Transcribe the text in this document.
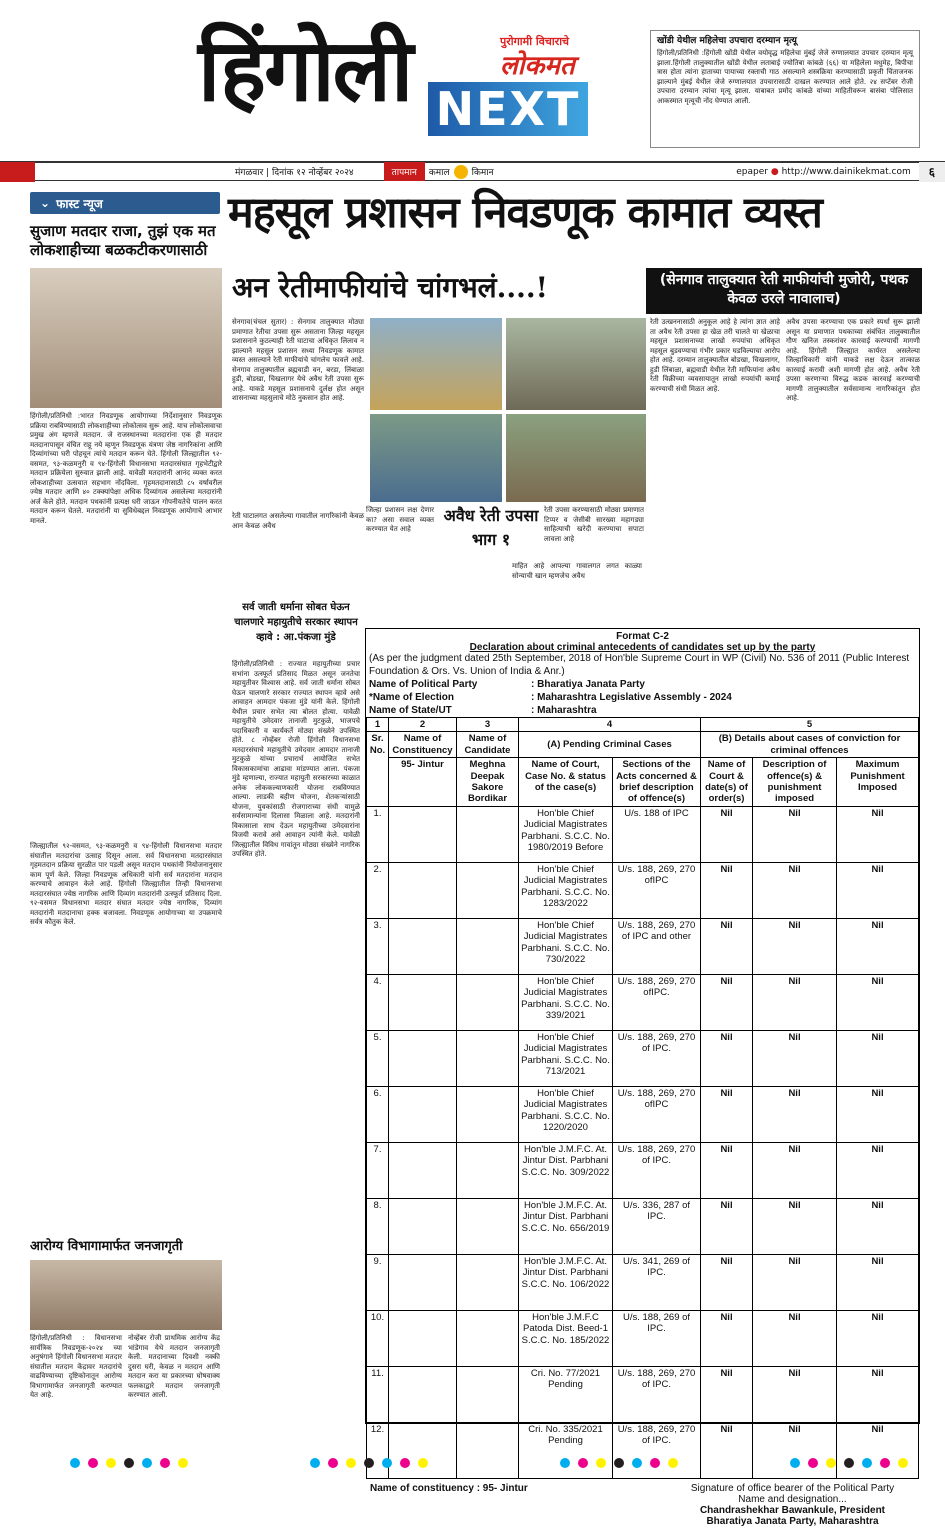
हिंगोली	पुरोगामी विचाराचे
लोकमत
NEXT
खोंडी येथील महिलेचा उपचारा दरम्यान मृत्यू
हिंगोली/प्रतिनिधी :हिंगोली खोंडी येथील वयोवृद्ध महिलेचा मुंबई जेजे रुग्णालयात उपचार दरम्यान मृत्यू झाला.हिंगोली तालुक्यातील खोंडी येथील लताबाई ज्योतिबा कांबळे (६६) या महिलेला मधुमेह, बिपीचा त्रास होता त्यांना हाताच्या पायाच्या रक्ताची गाठ असल्याने शस्त्रक्रिया करण्यासाठी प्रकृती चिंताजनक झाल्याने मुंबई येथील जेजे रुग्णालयात उपचारासाठी दाखल करण्यात आले होते. २४ सप्टेंबर रोजी उपचारा दरम्यान त्यांचा मृत्यू झाला. याबाबत प्रमोद कांबळे यांच्या माहितीवरून बासंबा पोलिसात आकस्मात मृत्यूची नोंद घेण्यात आली.
मंगळवार | दिनांक १२ नोव्हेंबर २०२४	तापमान	कमाल किमान	epaper ● http://www.dainikekmat.com	६
⌄ फास्ट न्यूज
सुजाण मतदार राजा, तुझं एक मत लोकशाहीच्या बळकटीकरणासाठी
हिंगोली/प्रतिनिधी :भारत निवडणूक आयोगाच्या निर्देशानुसार निवडणूक प्रक्रिया राबविण्यासाठी लोकशाहीच्या लोकोत्सव सुरू आहे. याच लोकोत्सवाचा प्रमुख अंग म्हणजे मतदान. जे राजस्थानच्या मतदारांना एक ही मतदार मतदानापासून वंचित राहू नये म्हणून निवडणूक यंत्रणा जेष्ठ नागरिकांना आणि दिव्यांगांच्या घरी पोहचून त्यांचे मतदान करून घेते. हिंगोली जिल्ह्यातील ९२-वसमत, ९३-कळमनुरी व ९४-हिंगोली विधानसभा मतदारसंघात गृहभेटीद्वारे मतदान प्रक्रियेला सुरुवात झाली आहे. यावेळी मतदारांनी आनंद व्यक्त करत लोकशाहीच्या उत्सवात सहभाग नोंदविला. गृहमतदानासाठी ८५ वर्षावरील ज्येष्ठ मतदार आणि ४० टक्क्यांपेक्षा अधिक दिव्यांगत्व असलेल्या मतदारांनी अर्ज केले होते. मतदान पथकांनी प्रत्यक्ष घरी जाऊन गोपनीयतेचे पालन करत मतदान करून घेतले. मतदारांनी या सुविधेबद्दल निवडणूक आयोगाचे आभार मानले.
जिल्ह्यातील ९२-वसमत, ९३-कळमनुरी व ९४-हिंगोली विधानसभा मतदार संघातील मतदारांचा उत्साह दिसून आला. सर्व विधानसभा मतदारसंघात गृहमतदान प्रक्रिया सुरळीत पार पडली असून मतदान पथकांनी नियोजनानुसार काम पूर्ण केले. जिल्हा निवडणूक अधिकारी यांनी सर्व मतदारांना मतदान करण्याचे आवाहन केले आहे. हिंगोली जिल्ह्यातील तिन्ही विधानसभा मतदारसंघात ज्येष्ठ नागरिक आणि दिव्यांग मतदारांनी उत्स्फूर्त प्रतिसाद दिला. ९२-वसमत विधानसभा मतदार संघात मतदार ज्येष्ठ नागरिक, दिव्यांग मतदारांनी मतदानाचा हक्क बजावला. निवडणूक आयोगाच्या या उपक्रमाचे सर्वत्र कौतुक केले.
आरोग्य विभागामार्फत जनजागृती
हिंगोली/प्रतिनिधी : विधानसभा सार्वत्रिक निवडणूक-२०२४ च्या अनुषंगाने हिंगोली विधानसभा मतदार संघातील मतदान केंद्रावर मतदारांचे वाढविण्याच्या दृष्टिकोनातून आरोग्य विभागामार्फत जनजागृती करण्यात येत आहे.
नोव्हेंबर रोजी प्राथमिक आरोग्य केंद्र भांडेगाव येथे मतदान जनजागृती केली. मतदानाच्या दिवशी नक्की दुसरा घरी, केवळ न मतदान आणि मतदान करा या प्रकारच्या घोषवाक्य फलकाद्वारे मतदान जनजागृती करण्यात आली.
महसूल प्रशासन निवडणूक कामात व्यस्त
अन रेतीमाफीयांचे चांगभलं....!	(सेनगाव तालुक्यात रेती माफीयांची मुजोरी, पथक केवळ उरले नावालाच)
सेनगाव(चंचल सुतार) : सेनगाव तालुक्यात मोठ्या प्रमाणात रेतीचा उपसा सुरू असताना जिल्हा महसूल प्रशासनाने कुठल्याही रेती घाटाचा अधिकृत लिलाव न झाल्याने महसूल प्रशासन सध्या निवडणूक कामात व्यस्त असल्याने रेती माफीयांचे चांगलेच फावले आहे. सेनगाव तालुक्यातील ब्रह्मवाडी वन, बरडा, लिंबाळा हुडी, बोडखा, चिखलागर येथे अवैध रेती उपसा सुरू आहे. याकडे महसूल प्रशासनाचे दुर्लक्ष होत असून शासनाच्या महसुलाचे मोठे नुकसान होत आहे.
जिल्हा प्रशासन लक्ष देणार का? असा सवाल व्यक्त करण्यात येत आहे
अवैध रेती उपसा भाग १
रेती उपसा करण्यासाठी मोठ्या प्रमाणात टिप्पर व जेसीबी सारख्या महागड्या साहित्याची खरेदी करण्याचा सपाटा लावला आहे
रेती घाटालगत असलेल्या गावातील नागरिकांनी केवळ आन केवळ अवैध
माहित आहे आपल्या गावालगत लगत काळ्या सोन्याची खान म्हणजेच अवैध
रेती उत्खननासाठी अनुकूल आहे हे त्यांना ज्ञात आहे ता अवैध रेती उपसा हा खेळ तरी चालते या खेळाचा महसूल प्रशासनाच्या लाखो रुपयांचा अधिकृत महसूल बुडवण्याचा गंभीर प्रकार घडविल्याचा आरोप होत आहे. दरम्यान तालुक्यातील बोडखा, चिखलागर, हुडी लिंबाळा, ब्रह्मवाडी येथील रेती माफियांना अवैध रेती विक्रीच्या व्यवसायातून लाखो रुपयांची कमाई करण्याची संधी मिळत आहे.
अवैध उपसा करण्याचा एक प्रकारे स्पर्धा सुरू झाली असून या प्रमाणात पथकाच्या संबंधित तालुक्यातील गौण खनिज तस्करांवर कारवाई करण्याची मागणी आहे. हिंगोली जिल्ह्यात कार्यरत असलेल्या जिल्हाधिकारी यांनी याकडे लक्ष देऊन तात्काळ कारवाई करावी अशी मागणी होत आहे. अवैध रेती उपसा करणाऱ्या विरुद्ध कडक कारवाई करण्याची मागणी तालुक्यातील सर्वसामान्य नागरिकांतून होत आहे.
सर्व जाती धर्माना सोबत घेऊन चालणारे महायुतीचे सरकार स्थापन व्हावे : आ.पंकजा मुंडे
हिंगोली/प्रतिनिधी : राज्यात महायुतीच्या प्रचार सभांना उत्स्फूर्त प्रतिसाद मिळत असून जनतेचा महायुतीवर विश्वास आहे. सर्व जाती धर्माना सोबत घेऊन चालणारे सरकार राज्यात स्थापन व्हावे असे आवाहन आमदार पंकजा मुंडे यांनी केले. हिंगोली येथील प्रचार सभेत त्या बोलत होत्या. यावेळी महायुतीचे उमेदवार तानाजी मुटकुळे, भाजपचे पदाधिकारी व कार्यकर्ते मोठ्या संख्येने उपस्थित होते. ८ नोव्हेंबर रोजी हिंगोली विधानसभा मतदारसंघाचे महायुतीचे उमेदवार आमदार तानाजी मुटकुळे यांच्या प्रचारार्थ आयोजित सभेत विकासकामांचा आढावा मांडण्यात आला. पंकजा मुंडे म्हणाल्या, राज्यात महायुती सरकारच्या काळात अनेक लोककल्याणकारी योजना राबविण्यात आल्या. लाडकी बहीण योजना, शेतकऱ्यांसाठी योजना, युवकांसाठी रोजगाराच्या संधी यामुळे सर्वसामान्यांना दिलासा मिळाला आहे. मतदारांनी विकासाला साथ देऊन महायुतीच्या उमेदवारांना विजयी करावे असे आवाहन त्यांनी केले. यावेळी जिल्ह्यातील विविध गावांतून मोठ्या संख्येने नागरिक उपस्थित होते.
Format C-2
Declaration about criminal antecedents of candidates set up by the party
(As per the judgment dated 25th September, 2018 of Hon'ble Supreme Court in WP (Civil) No. 536 of 2011 (Public Interest Foundation & Ors. Vs. Union of India & Anr.)
Name of Political Party	: Bharatiya Janata Party
*Name of Election	: Maharashtra Legislative Assembly - 2024
Name of State/UT	: Maharashtra
1	2	3	4		5		
Sr. No.	Name of Constituency	Name of Candidate	(A) Pending Criminal Cases		(B) Details about cases of conviction for criminal offences		
	95- Jintur	Meghna Deepak Sakore Bordikar	Name of Court, Case No. & status of the case(s)	Sections of the Acts concerned & brief description of offence(s)	Name of Court & date(s) of order(s)	Description of offence(s) & punishment imposed	Maximum Punishment Imposed
1.			Hon'ble Chief Judicial Magistrates Parbhani. S.C.C. No. 1980/2019 Before	U/s. 188 of IPC	Nil	Nil	Nil
2.			Hon'ble Chief Judicial Magistrates Parbhani. S.C.C. No. 1283/2022	U/s. 188, 269, 270 ofIPC	Nil	Nil	Nil
3.			Hon'ble Chief Judicial Magistrates Parbhani. S.C.C. No. 730/2022	U/s. 188, 269, 270 of IPC and other	Nil	Nil	Nil
4.			Hon'ble Chief Judicial Magistrates Parbhani. S.C.C. No. 339/2021	U/s. 188, 269, 270 ofIPC.	Nil	Nil	Nil
5.			Hon'ble Chief Judicial Magistrates Parbhani. S.C.C. No. 713/2021	U/s. 188, 269, 270 of IPC.	Nil	Nil	Nil
6.			Hon'ble Chief Judicial Magistrates Parbhani. S.C.C. No. 1220/2020	U/s. 188, 269, 270 ofIPC	Nil	Nil	Nil
7.			Hon'ble J.M.F.C. At. Jintur Dist. Parbhani S.C.C. No. 309/2022	U/s. 188, 269, 270 of IPC.	Nil	Nil	Nil
8.			Hon'ble J.M.F.C. At. Jintur Dist. Parbhani S.C.C. No. 656/2019	U/s. 336, 287 of IPC.	Nil	Nil	Nil
9.			Hon'ble J.M.F.C. At. Jintur Dist. Parbhani S.C.C. No. 106/2022	U/s. 341, 269 of IPC.	Nil	Nil	Nil
10.			Hon'ble J.M.F.C Patoda Dist. Beed-1 S.C.C. No. 185/2022	U/s. 188, 269 of IPC.	Nil	Nil	Nil
11.			Cri. No. 77/2021 Pending	U/s. 188, 269, 270 of IPC.	Nil	Nil	Nil
12.			Cri. No. 335/2021 Pending	U/s. 188, 269, 270 of IPC.	Nil	Nil	Nil
Name of constituency : 95- Jintur	Signature of office bearer of the Political Party
Name and designation...
Chandrashekhar Bawankule, President
Bharatiya Janata Party, Maharashtra
